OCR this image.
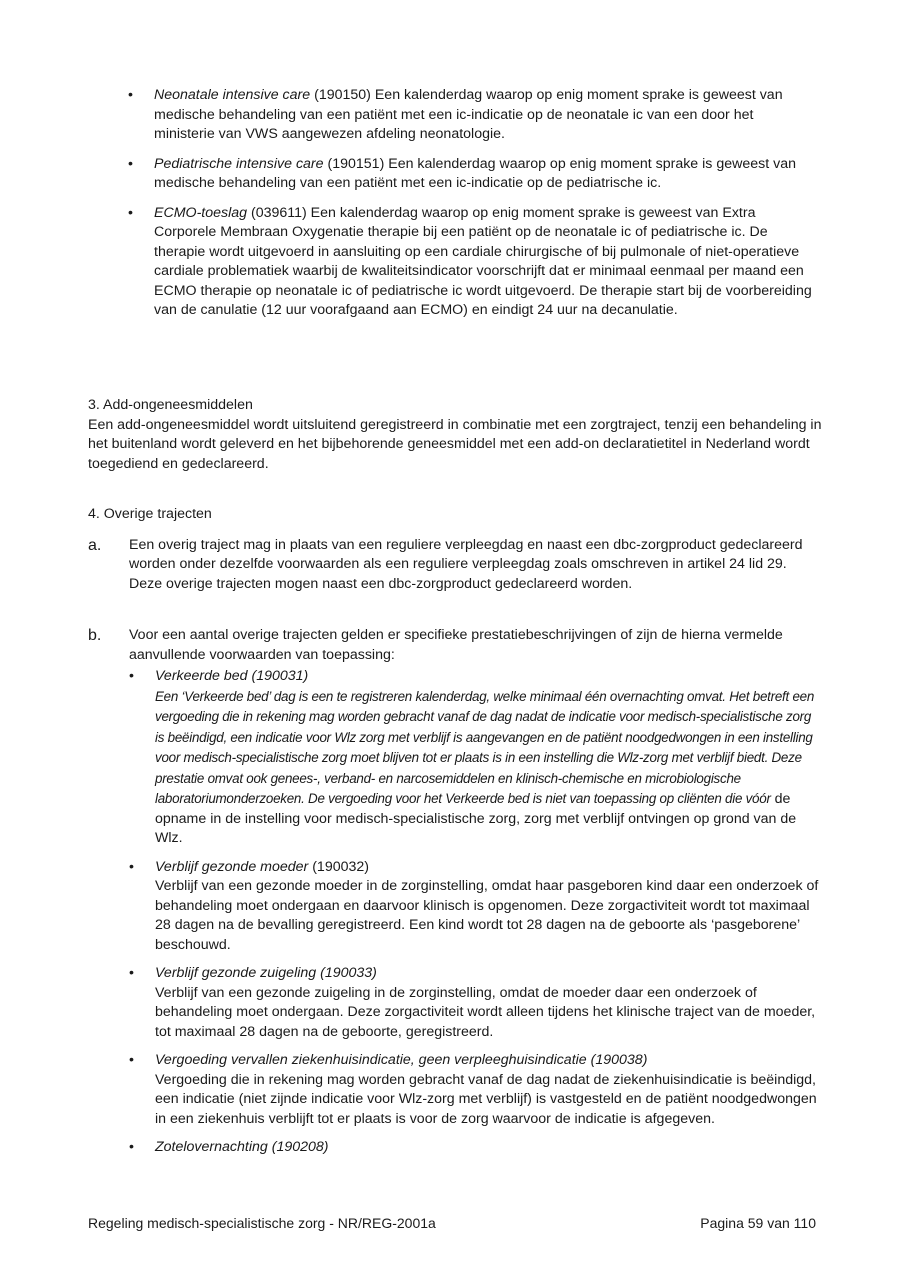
• Neonatale intensive care (190150) Een kalenderdag waarop op enig moment sprake is geweest van medische behandeling van een patiënt met een ic-indicatie op de neonatale ic van een door het ministerie van VWS aangewezen afdeling neonatologie.
• Pediatrische intensive care (190151) Een kalenderdag waarop op enig moment sprake is geweest van medische behandeling van een patiënt met een ic-indicatie op de pediatrische ic.
• ECMO-toeslag (039611) Een kalenderdag waarop op enig moment sprake is geweest van Extra Corporele Membraan Oxygenatie therapie bij een patiënt op de neonatale ic of pediatrische ic. De therapie wordt uitgevoerd in aansluiting op een cardiale chirurgische of bij pulmonale of niet-operatieve cardiale problematiek waarbij de kwaliteitsindicator voorschrijft dat er minimaal eenmaal per maand een ECMO therapie op neonatale ic of pediatrische ic wordt uitgevoerd. De therapie start bij de voorbereiding van de canulatie (12 uur voorafgaand aan ECMO) en eindigt 24 uur na decanulatie.
3. Add-ongeneesmiddelen
Een add-ongeneesmiddel wordt uitsluitend geregistreerd in combinatie met een zorgtraject, tenzij een behandeling in het buitenland wordt geleverd en het bijbehorende geneesmiddel met een add-on declaratietitel in Nederland wordt toegediend en gedeclareerd.
4. Overige trajecten
a. Een overig traject mag in plaats van een reguliere verpleegdag en naast een dbc-zorgproduct gedeclareerd worden onder dezelfde voorwaarden als een reguliere verpleegdag zoals omschreven in artikel 24 lid 29. Deze overige trajecten mogen naast een dbc-zorgproduct gedeclareerd worden.
b. Voor een aantal overige trajecten gelden er specifieke prestatiebeschrijvingen of zijn de hierna vermelde aanvullende voorwaarden van toepassing:
• Verkeerde bed (190031)
Een ‘Verkeerde bed’ dag is een te registreren kalenderdag, welke minimaal één overnachting omvat. Het betreft een vergoeding die in rekening mag worden gebracht vanaf de dag nadat de indicatie voor medisch-specialistische zorg is beëindigd, een indicatie voor Wlz zorg met verblijf is aangevangen en de patiënt noodgedwongen in een instelling voor medisch-specialistische zorg moet blijven tot er plaats is in een instelling die Wlz-zorg met verblijf biedt. Deze prestatie omvat ook genees-, verband- en narcosemiddelen en klinisch-chemische en microbiologische laboratoriumonderzoeken. De vergoeding voor het Verkeerde bed is niet van toepassing op cliënten die vóór de opname in de instelling voor medisch-specialistische zorg, zorg met verblijf ontvingen op grond van de Wlz.
• Verblijf gezonde moeder (190032)
Verblijf van een gezonde moeder in de zorginstelling, omdat haar pasgeboren kind daar een onderzoek of behandeling moet ondergaan en daarvoor klinisch is opgenomen. Deze zorgactiviteit wordt tot maximaal 28 dagen na de bevalling geregistreerd. Een kind wordt tot 28 dagen na de geboorte als ‘pasgeborene’ beschouwd.
• Verblijf gezonde zuigeling (190033)
Verblijf van een gezonde zuigeling in de zorginstelling, omdat de moeder daar een onderzoek of behandeling moet ondergaan. Deze zorgactiviteit wordt alleen tijdens het klinische traject van de moeder, tot maximaal 28 dagen na de geboorte, geregistreerd.
• Vergoeding vervallen ziekenhuisindicatie, geen verpleeghuisindicatie (190038)
Vergoeding die in rekening mag worden gebracht vanaf de dag nadat de ziekenhuisindicatie is beëindigd, een indicatie (niet zijnde indicatie voor Wlz-zorg met verblijf) is vastgesteld en de patiënt noodgedwongen in een ziekenhuis verblijft tot er plaats is voor de zorg waarvoor de indicatie is afgegeven.
• Zotelovernachting (190208)
Regeling medisch-specialistische zorg - NR/REG-2001a	Pagina 59 van 110
